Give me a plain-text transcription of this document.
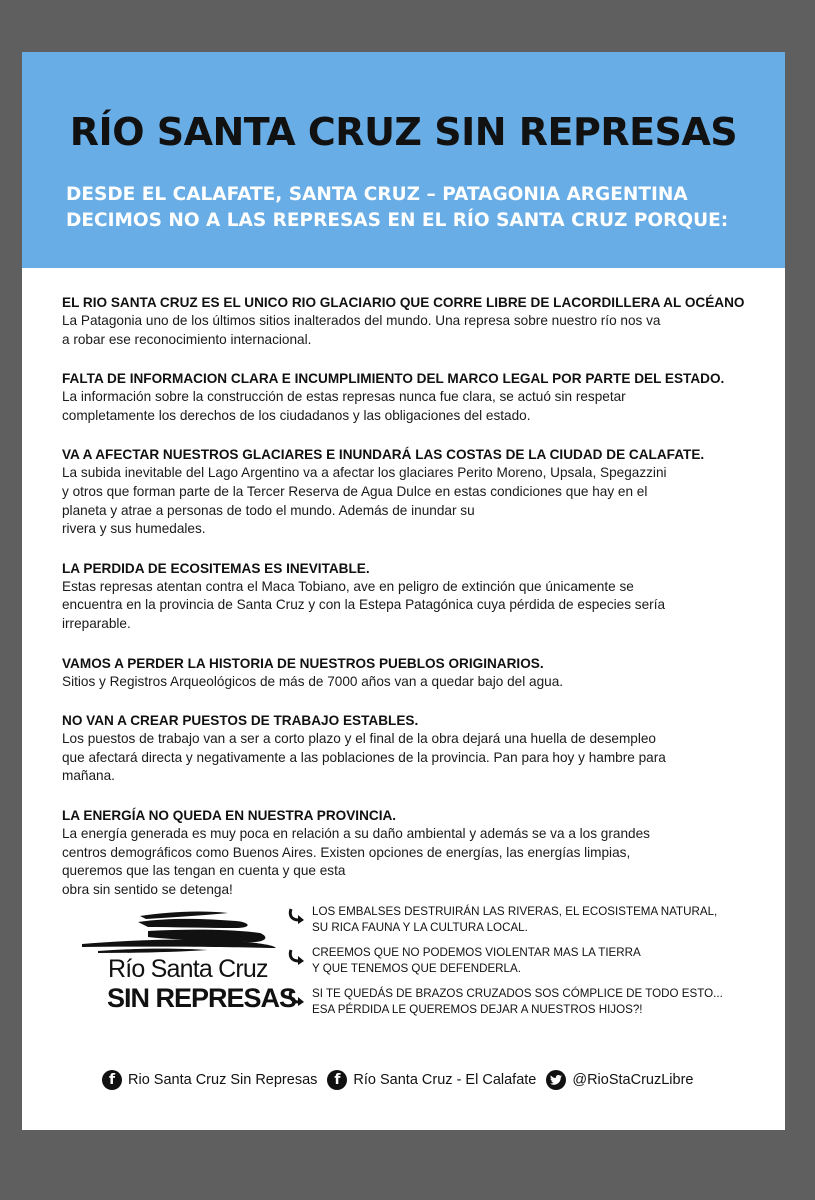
RÍO SANTA CRUZ SIN REPRESAS
DESDE EL CALAFATE, SANTA CRUZ – PATAGONIA ARGENTINA
DECIMOS NO A LAS REPRESAS EN EL RÍO SANTA CRUZ PORQUE:
EL RIO SANTA CRUZ ES EL UNICO RIO GLACIARIO QUE CORRE LIBRE DE LACORDILLERA AL OCÉANO

La Patagonia uno de los últimos sitios inalterados del mundo. Una represa sobre nuestro río nos va
a robar ese reconocimiento internacional.

FALTA DE INFORMACION CLARA E INCUMPLIMIENTO DEL MARCO LEGAL POR PARTE DEL ESTADO.

La información sobre la construcción de estas represas nunca fue clara, se actuó sin respetar
completamente los derechos de los ciudadanos y las obligaciones del estado.

VA A AFECTAR NUESTROS GLACIARES E INUNDARÁ LAS COSTAS DE LA CIUDAD DE CALAFATE.

La subida inevitable del Lago Argentino va a afectar los glaciares Perito Moreno, Upsala, Spegazzini
y otros que forman parte de la Tercer Reserva de Agua Dulce en estas condiciones que hay en el
planeta y atrae a personas de todo el mundo. Además de inundar su
rivera y sus humedales.

LA PERDIDA DE ECOSITEMAS ES INEVITABLE.

Estas represas atentan contra el Maca Tobiano, ave en peligro de extinción que únicamente se
encuentra en la provincia de Santa Cruz y con la Estepa Patagónica cuya pérdida de especies sería
irreparable.

VAMOS A PERDER LA HISTORIA DE NUESTROS PUEBLOS ORIGINARIOS.

Sitios y Registros Arqueológicos de más de 7000 años van a quedar bajo del agua.

NO VAN A CREAR PUESTOS DE TRABAJO ESTABLES.

Los puestos de trabajo van a ser a corto plazo y el final de la obra dejará una huella de desempleo
que afectará directa y negativamente a las poblaciones de la provincia. Pan para hoy y hambre para
mañana.

LA ENERGÍA NO QUEDA EN NUESTRA PROVINCIA.

La energía generada es muy poca en relación a su daño ambiental y además se va a los grandes
centros demográficos como Buenos Aires. Existen opciones de energías, las energías limpias,
queremos que las tengan en cuenta y que esta
obra sin sentido se detenga!

Río Santa Cruz
SIN REPRESAS
LOS EMBALSES DESTRUIRÁN LAS RIVERAS, EL ECOSISTEMA NATURAL,
SU RICA FAUNA Y LA CULTURA LOCAL.
CREEMOS QUE NO PODEMOS VIOLENTAR MAS LA TIERRA
Y QUE TENEMOS QUE DEFENDERLA.
SI TE QUEDÁS DE BRAZOS CRUZADOS SOS CÓMPLICE DE TODO ESTO...
ESA PÉRDIDA LE QUEREMOS DEJAR A NUESTROS HIJOS?!
f Rio Santa Cruz Sin Represas	f Río Santa Cruz - El Calafate @RioStaCruzLibre
